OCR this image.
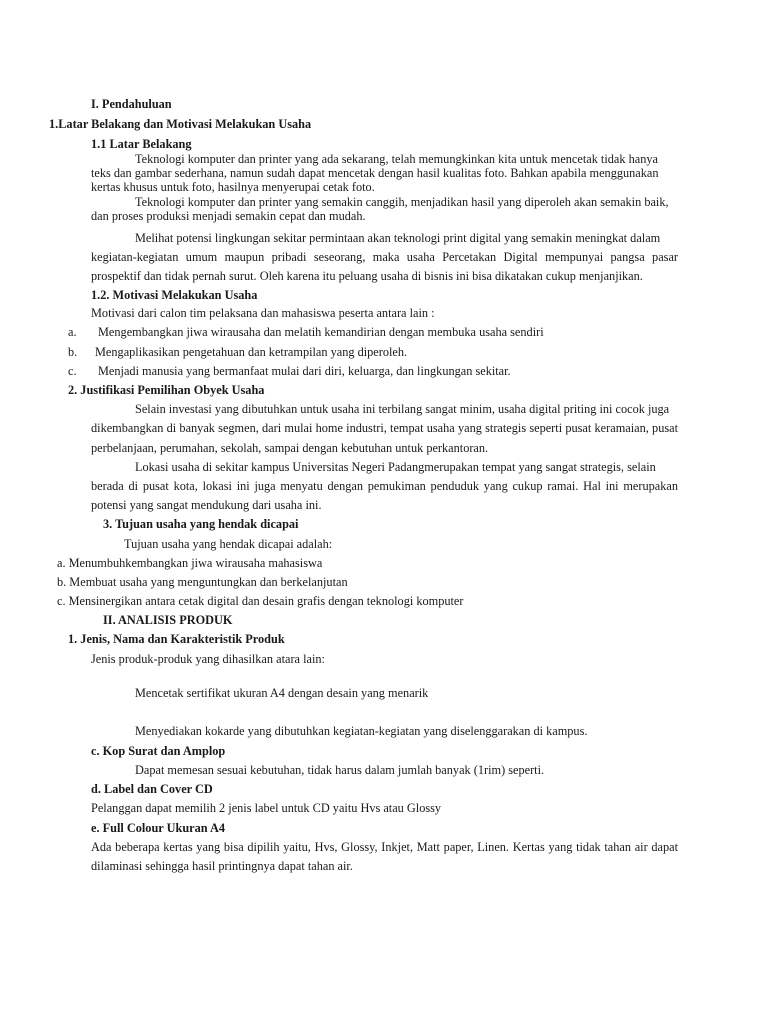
I. Pendahuluan
1.Latar Belakang dan Motivasi Melakukan Usaha
1.1 Latar Belakang
Teknologi komputer dan printer yang ada sekarang, telah memungkinkan kita untuk mencetak tidak hanya
teks dan gambar sederhana, namun sudah dapat mencetak dengan hasil kualitas foto. Bahkan apabila menggunakan
kertas khusus untuk foto, hasilnya menyerupai cetak foto.
Teknologi komputer dan printer yang semakin canggih, menjadikan hasil yang diperoleh akan semakin baik,
dan proses produksi menjadi semakin cepat dan mudah.
Melihat potensi lingkungan sekitar permintaan akan teknologi print digital yang semakin meningkat dalam
kegiatan-kegiatan umum maupun pribadi seseorang, maka usaha Percetakan Digital mempunyai pangsa pasar
prospektif dan tidak pernah surut. Oleh karena itu peluang usaha di bisnis ini bisa dikatakan cukup menjanjikan.
1.2. Motivasi Melakukan Usaha
Motivasi dari calon tim pelaksana dan mahasiswa peserta antara lain :
a. Mengembangkan jiwa wirausaha dan melatih kemandirian dengan membuka usaha sendiri
b. Mengaplikasikan pengetahuan dan ketrampilan yang diperoleh.
c. Menjadi manusia yang bermanfaat mulai dari diri, keluarga, dan lingkungan sekitar.
2. Justifikasi Pemilihan Obyek Usaha
Selain investasi yang dibutuhkan untuk usaha ini terbilang sangat minim, usaha digital priting ini cocok juga
dikembangkan di banyak segmen, dari mulai home industri, tempat usaha yang strategis seperti pusat keramaian, pusat
perbelanjaan, perumahan, sekolah, sampai dengan kebutuhan untuk perkantoran.
Lokasi usaha di sekitar kampus Universitas Negeri Padangmerupakan tempat yang sangat strategis, selain
berada di pusat kota, lokasi ini juga menyatu dengan pemukiman penduduk yang cukup ramai. Hal ini merupakan
potensi yang sangat mendukung dari usaha ini.
3. Tujuan usaha yang hendak dicapai
Tujuan usaha yang hendak dicapai adalah:
a. Menumbuhkembangkan jiwa wirausaha mahasiswa
b. Membuat usaha yang menguntungkan dan berkelanjutan
c. Mensinergikan antara cetak digital dan desain grafis dengan teknologi komputer
II. ANALISIS PRODUK
1. Jenis, Nama dan Karakteristik Produk
Jenis produk-produk yang dihasilkan atara lain:
Mencetak sertifikat ukuran A4 dengan desain yang menarik
Menyediakan kokarde yang dibutuhkan kegiatan-kegiatan yang diselenggarakan di kampus.
c. Kop Surat dan Amplop
Dapat memesan sesuai kebutuhan, tidak harus dalam jumlah banyak (1rim) seperti.
d. Label dan Cover CD
Pelanggan dapat memilih 2 jenis label untuk CD yaitu Hvs atau Glossy
e. Full Colour Ukuran A4
Ada beberapa kertas yang bisa dipilih yaitu, Hvs, Glossy, Inkjet, Matt paper, Linen. Kertas yang tidak tahan air dapat
dilaminasi sehingga hasil printingnya dapat tahan air.
